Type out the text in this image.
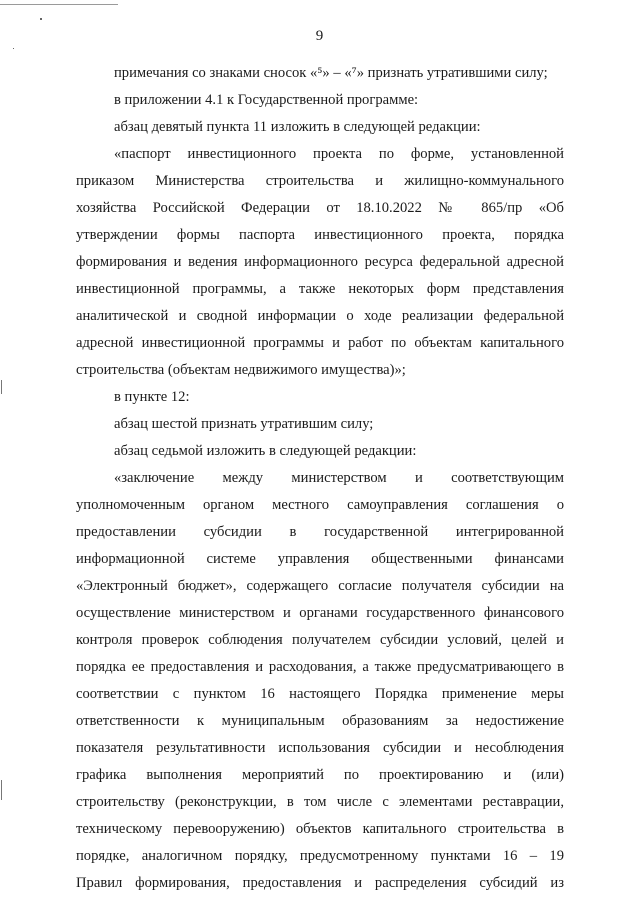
9
примечания со знаками сносок «⁵» – «⁷» признать утратившими силу;
в приложении 4.1 к Государственной программе:
абзац девятый пункта 11 изложить в следующей редакции:
«паспорт инвестиционного проекта по форме, установленной
приказом Министерства строительства и жилищно-коммунального
хозяйства Российской Федерации от 18.10.2022 № 865/пр «Об
утверждении формы паспорта инвестиционного проекта, порядка
формирования и ведения информационного ресурса федеральной адресной
инвестиционной программы, а также некоторых форм представления
аналитической и сводной информации о ходе реализации федеральной
адресной инвестиционной программы и работ по объектам капитального
строительства (объектам недвижимого имущества)»;
в пункте 12:
абзац шестой признать утратившим силу;
абзац седьмой изложить в следующей редакции:
«заключение между министерством и соответствующим
уполномоченным органом местного самоуправления соглашения о
предоставлении субсидии в государственной интегрированной
информационной системе управления общественными финансами
«Электронный бюджет», содержащего согласие получателя субсидии на
осуществление министерством и органами государственного финансового
контроля проверок соблюдения получателем субсидии условий, целей и
порядка ее предоставления и расходования, а также предусматривающего в
соответствии с пунктом 16 настоящего Порядка применение меры
ответственности к муниципальным образованиям за недостижение
показателя результативности использования субсидии и несоблюдения
графика выполнения мероприятий по проектированию и (или)
строительству (реконструкции, в том числе с элементами реставрации,
техническому перевооружению) объектов капитального строительства в
порядке, аналогичном порядку, предусмотренному пунктами 16 – 19
Правил формирования, предоставления и распределения субсидий из
